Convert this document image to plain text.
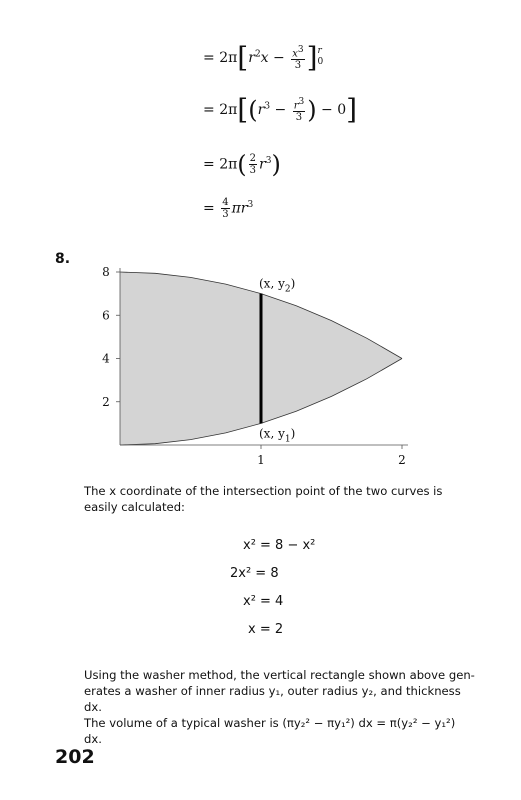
= $2\pi[r^2x - \frac{x^3}{3}$ ] r
0
= $2\pi[(r^3 - \frac{r^3}{3}$ ) − 0]
= $2\pi( \frac{2}{3} r^3)$
= $\frac{4}{3} \pi r^3$
8.
2
4
6
8
1	2
(x, $y_2$)
(x, $y_1$)
The x coordinate of the intersection point of the two curves is easily calculated:
x² = 8 − x²
2x² = 8
x² = 4
x = 2
Using the washer method, the vertical rectangle shown above gen-
erates a washer of inner radius y₁, outer radius y₂, and thickness dx.
The volume of a typical washer is (πy₂² − πy₁²) dx = π(y₂² − y₁²) dx.
202
